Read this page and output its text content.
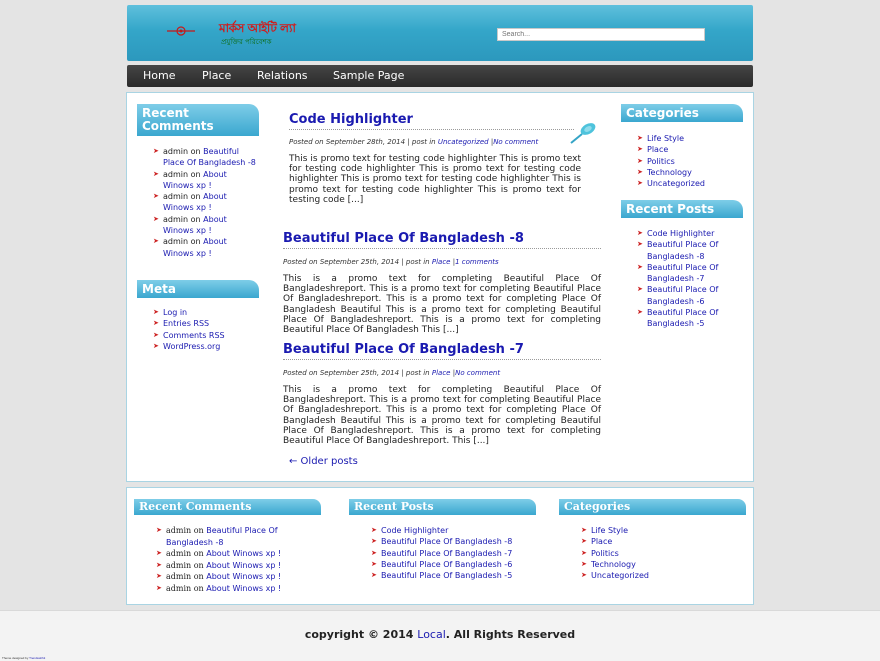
মার্কস আইটি ল্যা
প্রযুক্তির পরিবেশক
Search...
Home Place Relations Sample Page
Recent Comments
➤ admin on Beautiful Place Of Bangladesh -8
➤ admin on About Winows xp !
➤ admin on About Winows xp !
➤ admin on About Winows xp !
➤ admin on About Winows xp !
Meta
➤ Log in
➤ Entries RSS
➤ Comments RSS
➤ WordPress.org
Code Highlighter
Posted on September 28th, 2014 | post in Uncategorized |No comment
This is promo text for testing code highlighter This is promo text for testing code highlighter This is promo text for testing code highlighter This is promo text for testing code highlighter This is promo text for testing code highlighter This is promo text for testing code [...]
Beautiful Place Of Bangladesh -8
Posted on September 25th, 2014 | post in Place |1 comments
This is a promo text for completing Beautiful Place Of Bangladeshreport. This is a promo text for completing Beautiful Place Of Bangladeshreport. This is a promo text for completing Place Of Bangladesh Beautiful This is a promo text for completing Beautiful Place Of Bangladeshreport. This is a promo text for completing Beautiful Place Of Bangladesh This [...]
Beautiful Place Of Bangladesh -7
Posted on September 25th, 2014 | post in Place |No comment
This is a promo text for completing Beautiful Place Of Bangladeshreport. This is a promo text for completing Beautiful Place Of Bangladeshreport. This is a promo text for completing Place Of Bangladesh Beautiful This is a promo text for completing Beautiful Place Of Bangladeshreport. This is a promo text for completing Beautiful Place Of Bangladeshreport. This [...]
← Older posts
Categories
➤ Life Style
➤ Place
➤ Politics
➤ Technology
➤ Uncategorized
Recent Posts
➤ Code Highlighter
➤ Beautiful Place Of Bangladesh -8
➤ Beautiful Place Of Bangladesh -7
➤ Beautiful Place Of Bangladesh -6
➤ Beautiful Place Of Bangladesh -5
Recent Comments
➤ admin on Beautiful Place Of Bangladesh -8
➤ admin on About Winows xp !
➤ admin on About Winows xp !
➤ admin on About Winows xp !
➤ admin on About Winows xp !
Recent Posts
➤ Code Highlighter
➤ Beautiful Place Of Bangladesh -8
➤ Beautiful Place Of Bangladesh -7
➤ Beautiful Place Of Bangladesh -6
➤ Beautiful Place Of Bangladesh -5
Categories
➤ Life Style
➤ Place
➤ Politics
➤ Technology
➤ Uncategorized
copyright © 2014 Local. All Rights Reserved
Theme designed by Trendswithit
